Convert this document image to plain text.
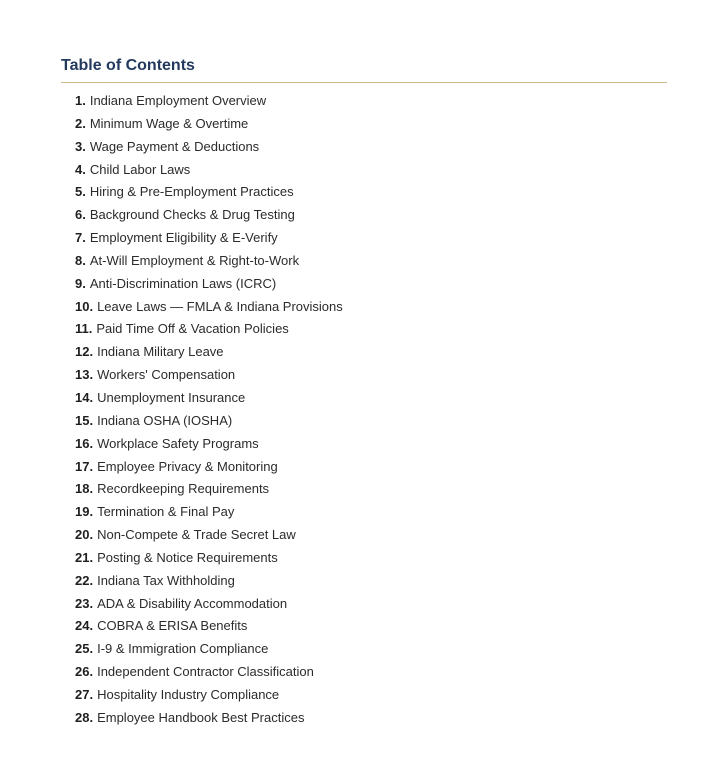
Table of Contents
1. Indiana Employment Overview
2. Minimum Wage & Overtime
3. Wage Payment & Deductions
4. Child Labor Laws
5. Hiring & Pre-Employment Practices
6. Background Checks & Drug Testing
7. Employment Eligibility & E-Verify
8. At-Will Employment & Right-to-Work
9. Anti-Discrimination Laws (ICRC)
10. Leave Laws — FMLA & Indiana Provisions
11. Paid Time Off & Vacation Policies
12. Indiana Military Leave
13. Workers' Compensation
14. Unemployment Insurance
15. Indiana OSHA (IOSHA)
16. Workplace Safety Programs
17. Employee Privacy & Monitoring
18. Recordkeeping Requirements
19. Termination & Final Pay
20. Non-Compete & Trade Secret Law
21. Posting & Notice Requirements
22. Indiana Tax Withholding
23. ADA & Disability Accommodation
24. COBRA & ERISA Benefits
25. I-9 & Immigration Compliance
26. Independent Contractor Classification
27. Hospitality Industry Compliance
28. Employee Handbook Best Practices
